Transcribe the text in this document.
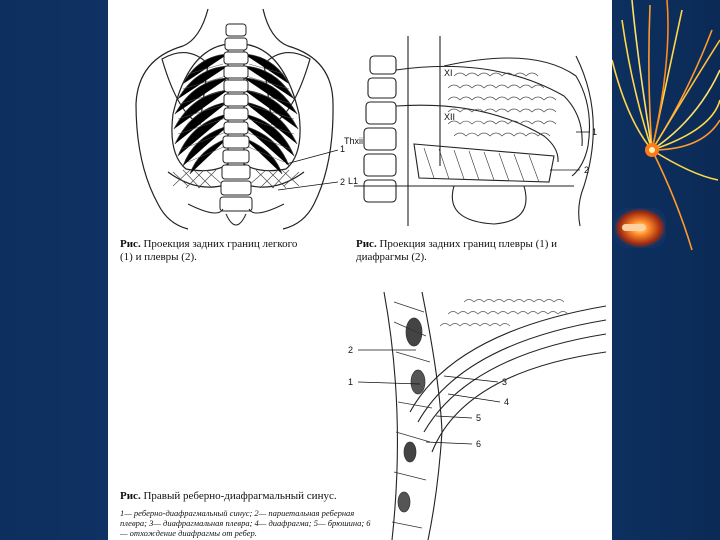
1
2
Рис. Проекция задних границ легкого (1) и плевры (2).
XI
XII
Thxii
L1
1
2
Рис. Проекция задних границ плевры (1) и диафрагмы (2).
2
1	3
4
5
6
Рис. Правый реберно-диафрагмальный синус.
1— реберно-диафрагмальный синус; 2— париетальная реберная плевра; 3— диафрагмальная плевра; 4— диафрагма; 5— брюшина; 6— отхождение диафрагмы от ребер.
